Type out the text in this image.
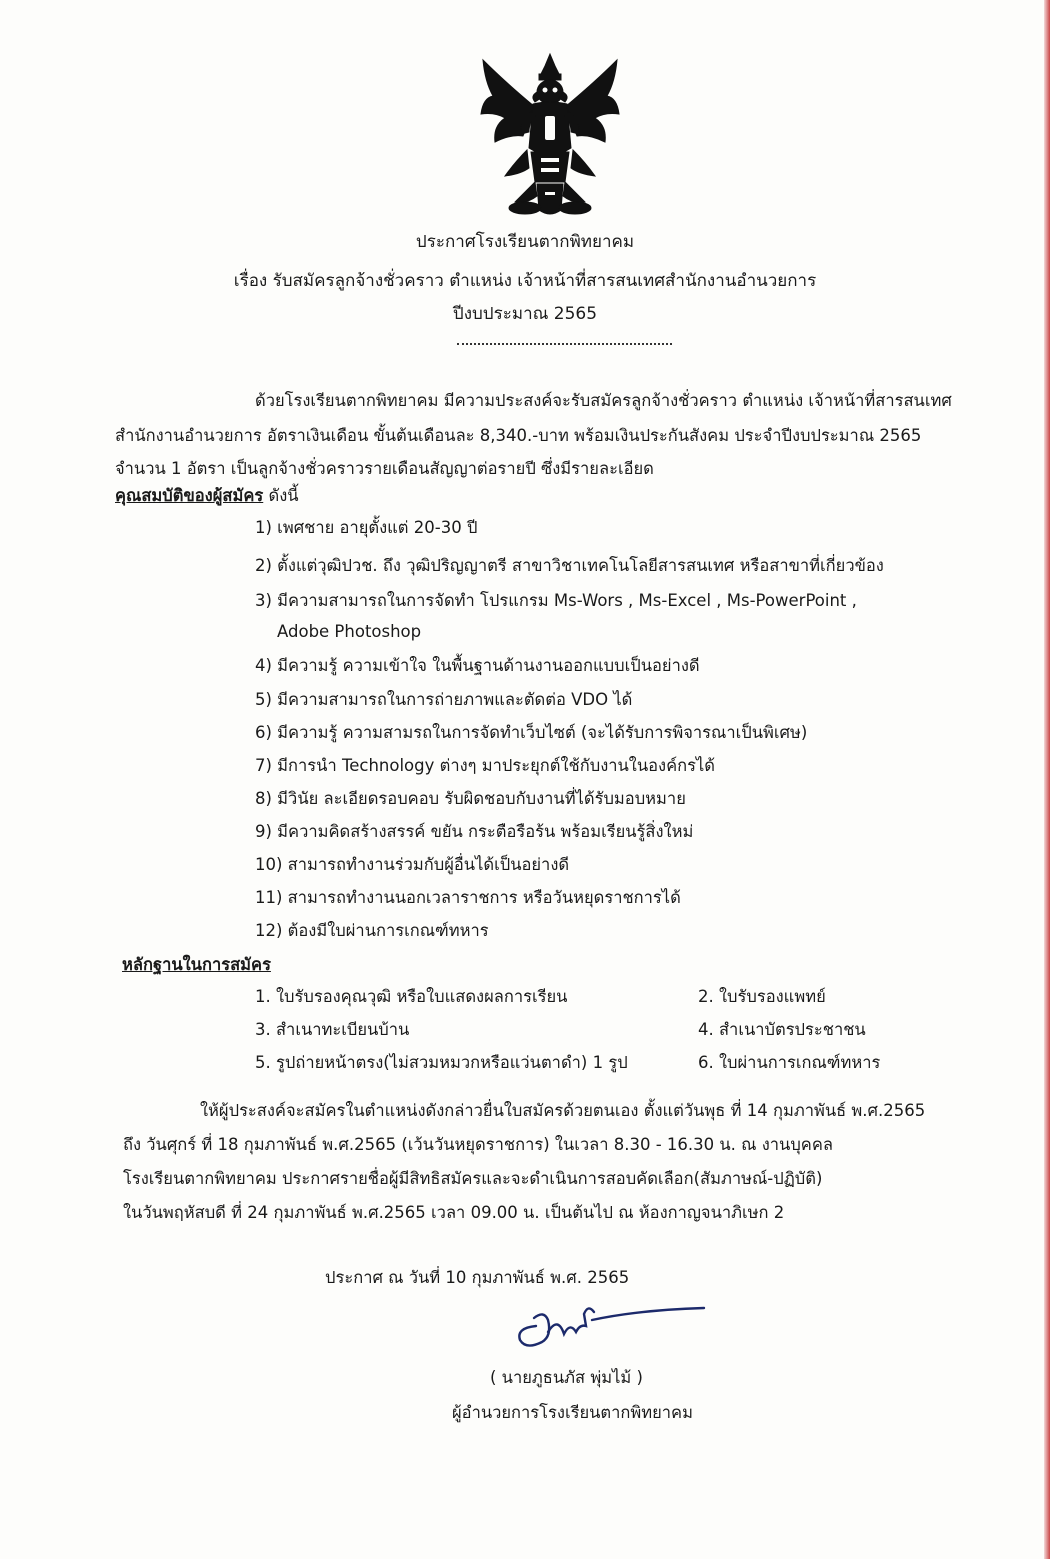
ประกาศโรงเรียนตากพิทยาคม
เรื่อง รับสมัครลูกจ้างชั่วคราว ตำแหน่ง เจ้าหน้าที่สารสนเทศสำนักงานอำนวยการ
ปีงบประมาณ 2565
ด้วยโรงเรียนตากพิทยาคม มีความประสงค์จะรับสมัครลูกจ้างชั่วคราว ตำแหน่ง เจ้าหน้าที่สารสนเทศ
สำนักงานอำนวยการ อัตราเงินเดือน ขั้นต้นเดือนละ 8,340.-บาท พร้อมเงินประกันสังคม ประจำปีงบประมาณ 2565
จำนวน 1 อัตรา เป็นลูกจ้างชั่วคราวรายเดือนสัญญาต่อรายปี ซึ่งมีรายละเอียด
คุณสมบัติของผู้สมัคร ดังนี้
1) เพศชาย อายุตั้งแต่ 20-30 ปี
2) ตั้งแต่วุฒิปวช. ถึง วุฒิปริญญาตรี สาขาวิชาเทคโนโลยีสารสนเทศ หรือสาขาที่เกี่ยวข้อง
3) มีความสามารถในการจัดทำ โปรแกรม Ms-Wors , Ms-Excel , Ms-PowerPoint ,
Adobe Photoshop
4) มีความรู้ ความเข้าใจ ในพื้นฐานด้านงานออกแบบเป็นอย่างดี
5) มีความสามารถในการถ่ายภาพและตัดต่อ VDO ได้
6) มีความรู้ ความสามรถในการจัดทำเว็บไซต์ (จะได้รับการพิจารณาเป็นพิเศษ)
7) มีการนำ Technology ต่างๆ มาประยุกต์ใช้กับงานในองค์กรได้
8) มีวินัย ละเอียดรอบคอบ รับผิดชอบกับงานที่ได้รับมอบหมาย
9) มีความคิดสร้างสรรค์ ขยัน กระตือรือร้น พร้อมเรียนรู้สิ่งใหม่
10) สามารถทำงานร่วมกับผู้อื่นได้เป็นอย่างดี
11) สามารถทำงานนอกเวลาราชการ หรือวันหยุดราชการได้
12) ต้องมีใบผ่านการเกณฑ์ทหาร
หลักฐานในการสมัคร
1. ใบรับรองคุณวุฒิ หรือใบแสดงผลการเรียน	2. ใบรับรองแพทย์
3. สำเนาทะเบียนบ้าน	4. สำเนาบัตรประชาชน
5. รูปถ่ายหน้าตรง(ไม่สวมหมวกหรือแว่นตาดำ) 1 รูป	6. ใบผ่านการเกณฑ์ทหาร
ให้ผู้ประสงค์จะสมัครในตำแหน่งดังกล่าวยื่นใบสมัครด้วยตนเอง ตั้งแต่วันพุธ ที่ 14 กุมภาพันธ์ พ.ศ.2565
ถึง วันศุกร์ ที่ 18 กุมภาพันธ์ พ.ศ.2565 (เว้นวันหยุดราชการ) ในเวลา 8.30 - 16.30 น. ณ งานบุคคล
โรงเรียนตากพิทยาคม ประกาศรายชื่อผู้มีสิทธิสมัครและจะดำเนินการสอบคัดเลือก(สัมภาษณ์-ปฏิบัติ)
ในวันพฤหัสบดี ที่ 24 กุมภาพันธ์ พ.ศ.2565 เวลา 09.00 น. เป็นต้นไป ณ ห้องกาญจนาภิเษก 2
ประกาศ ณ วันที่ 10 กุมภาพันธ์ พ.ศ. 2565
( นายภูธนภัส พุ่มไม้ )
ผู้อำนวยการโรงเรียนตากพิทยาคม
